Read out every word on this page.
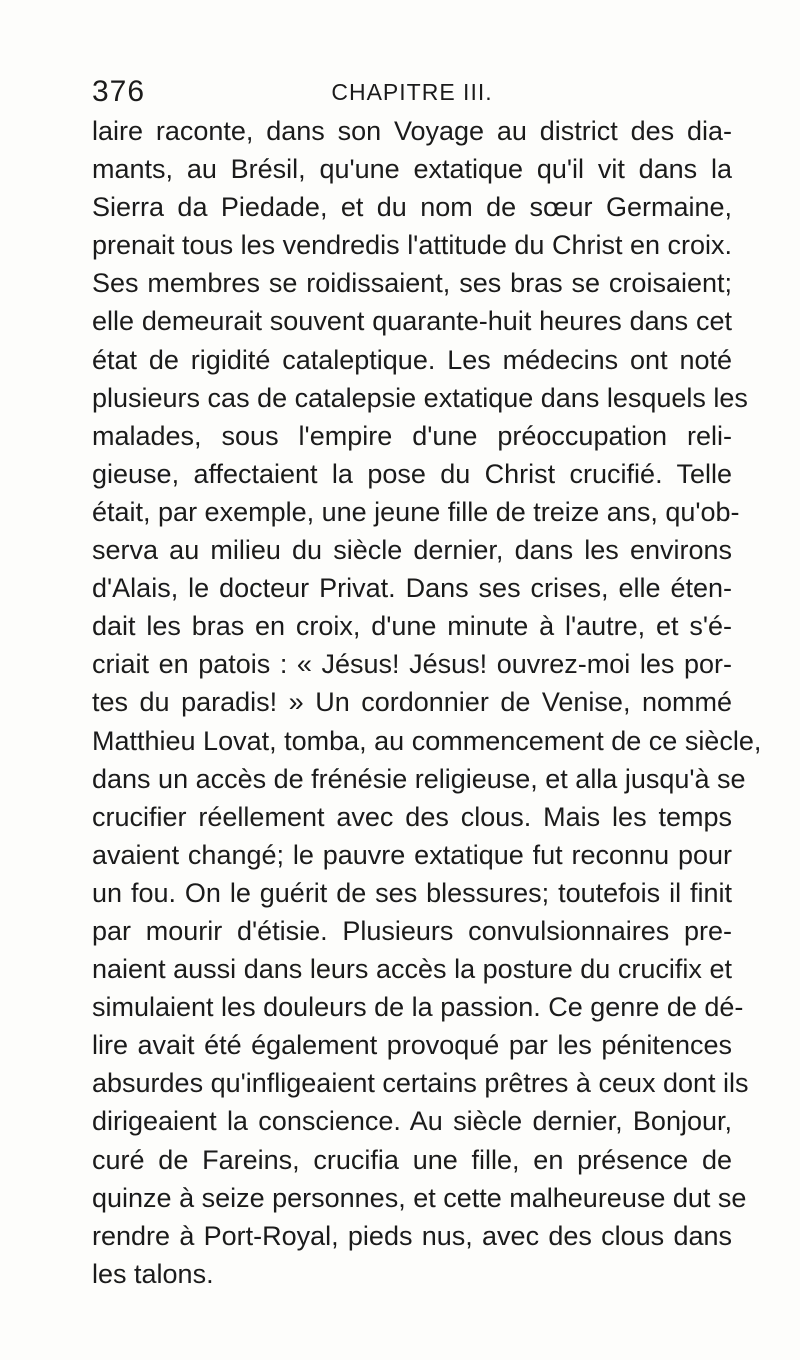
376	CHAPITRE III.
laire raconte, dans son Voyage au district des dia-
mants, au Brésil, qu'une extatique qu'il vit dans la
Sierra da Piedade, et du nom de sœur Germaine,
prenait tous les vendredis l'attitude du Christ en croix.
Ses membres se roidissaient, ses bras se croisaient;
elle demeurait souvent quarante-huit heures dans cet
état de rigidité cataleptique. Les médecins ont noté
plusieurs cas de catalepsie extatique dans lesquels les
malades, sous l'empire d'une préoccupation reli-
gieuse, affectaient la pose du Christ crucifié. Telle
était, par exemple, une jeune fille de treize ans, qu'ob-
serva au milieu du siècle dernier, dans les environs
d'Alais, le docteur Privat. Dans ses crises, elle éten-
dait les bras en croix, d'une minute à l'autre, et s'é-
criait en patois : « Jésus! Jésus! ouvrez-moi les por-
tes du paradis! » Un cordonnier de Venise, nommé
Matthieu Lovat, tomba, au commencement de ce siècle,
dans un accès de frénésie religieuse, et alla jusqu'à se
crucifier réellement avec des clous. Mais les temps
avaient changé; le pauvre extatique fut reconnu pour
un fou. On le guérit de ses blessures; toutefois il finit
par mourir d'étisie. Plusieurs convulsionnaires pre-
naient aussi dans leurs accès la posture du crucifix et
simulaient les douleurs de la passion. Ce genre de dé-
lire avait été également provoqué par les pénitences
absurdes qu'infligeaient certains prêtres à ceux dont ils
dirigeaient la conscience. Au siècle dernier, Bonjour,
curé de Fareins, crucifia une fille, en présence de
quinze à seize personnes, et cette malheureuse dut se
rendre à Port-Royal, pieds nus, avec des clous dans
les talons.
